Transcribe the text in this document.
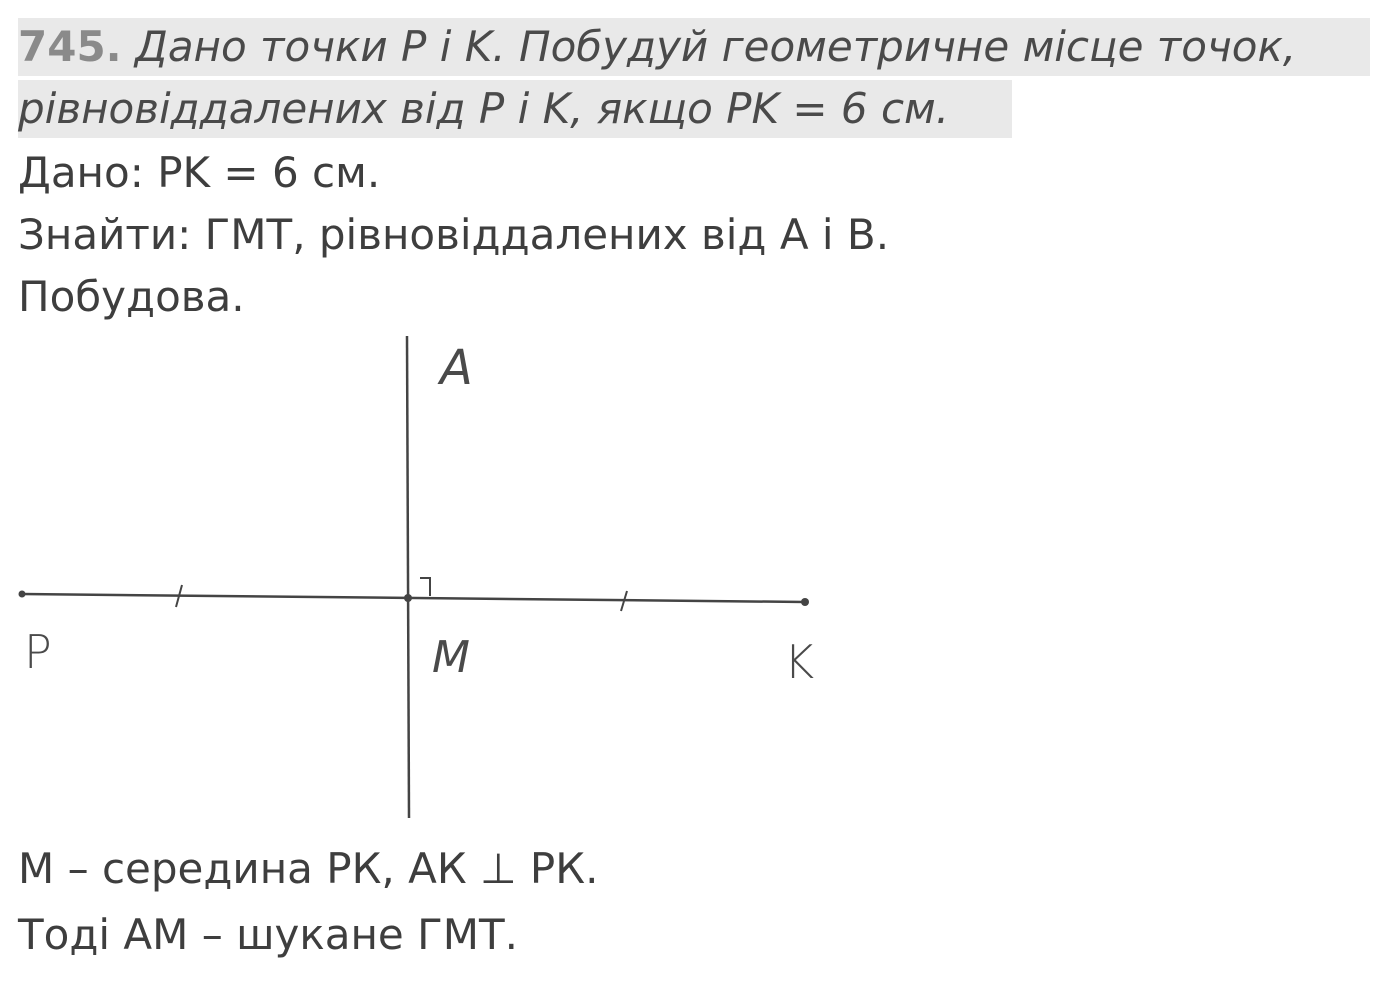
745. Дано точки P і K. Побудуй геометричне місце точок,
рівновіддалених від P і K, якщо PK = 6 см.
Дано: PK = 6 см.
Знайти: ГМТ, рівновіддалених від А і В.
Побудова.
A
P	M	K
М – середина РК, АК ⊥ РК.
Тоді АМ – шукане ГМТ.
